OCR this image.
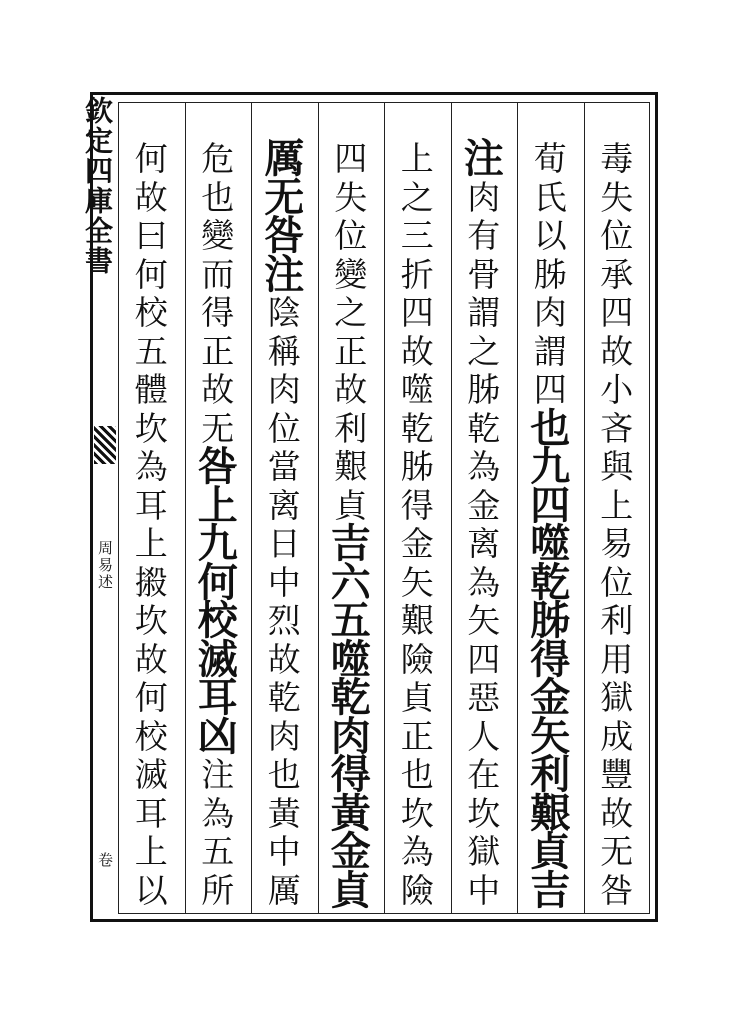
欽定四庫全書
周易述
卷
毒
失
位
承
四
故
小
吝
與
上
易
位
利
用
獄
成
豐
故
无
咎
荀
氏
以
胏
肉
謂
四
也
九
四
噬
乾
胏
得
金
矢
利
艱
貞
吉
注
肉
有
骨
謂
之
胏
乾
為
金
离
為
矢
四
惡
人
在
坎
獄
中
上
之
三
折
四
故
噬
乾
胏
得
金
矢
艱
險
貞
正
也
坎
為
險
四
失
位
變
之
正
故
利
艱
貞
吉
六
五
噬
乾
肉
得
黃
金
貞
厲
无
咎
注
陰
稱
肉
位
當
离
日
中
烈
故
乾
肉
也
黃
中
厲
危
也
變
而
得
正
故
无
咎
上
九
何
校
滅
耳
凶
注
為
五
所
何
故
曰
何
校
五
體
坎
為
耳
上
摋
坎
故
何
校
滅
耳
上
以
